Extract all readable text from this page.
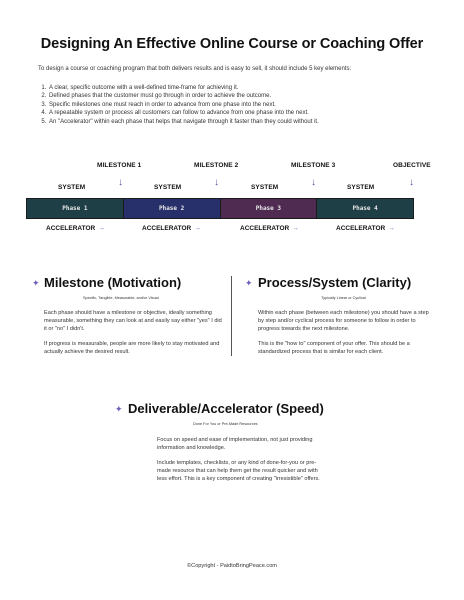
Designing An Effective Online Course or Coaching Offer
To design a course or coaching program that both delivers results and is easy to sell, it should include 5 key elements:
1. A clear, specific outcome with a well-defined time-frame for achieving it.
2. Defined phases that the customer must go through in order to achieve the outcome.
3. Specific milestones one must reach in order to advance from one phase into the next.
4. A repeatable system or process all customers can follow to advance from one phase into the next.
5. An "Accelerator" within each phase that helps that navigate through it faster than they could without it.
MILESTONE 1	MILESTONE 2	MILESTONE 3	OBJECTIVE
↓	↓	↓	↓
SYSTEM	SYSTEM	SYSTEM	SYSTEM
Phase 1	Phase 2	Phase 3	Phase 4
ACCELERATOR →	ACCELERATOR →	ACCELERATOR →	ACCELERATOR →
✦ Milestone (Motivation)
Specific, Tangible, Measurable, and/or Visual

Each phase should have a milestone or objective, ideally something measurable, something they can look at and easily say either "yes" I did it or "no" I didn't.

If progress is measurable, people are more likely to stay motivated and actually achieve the desired result.

✦ Process/System (Clarity)
Typically Linear or Cyclical

Within each phase (between each milestone) you should have a step by step and/or cyclical process for someone to follow in order to progress towards the next milestone.

This is the "how to" component of your offer. This should be a standardized process that is similar for each client.

✦ Deliverable/Accelerator (Speed)
Done For You or Pre-Made Resources

Focus on speed and ease of implementation, not just providing information and knowledge.

Include templates, checklists, or any kind of done-for-you or pre-made resource that can help them get the result quicker and with less effort. This is a key component of creating "irresistible" offers.

©Copyright - PaidtoBringPeace.com
